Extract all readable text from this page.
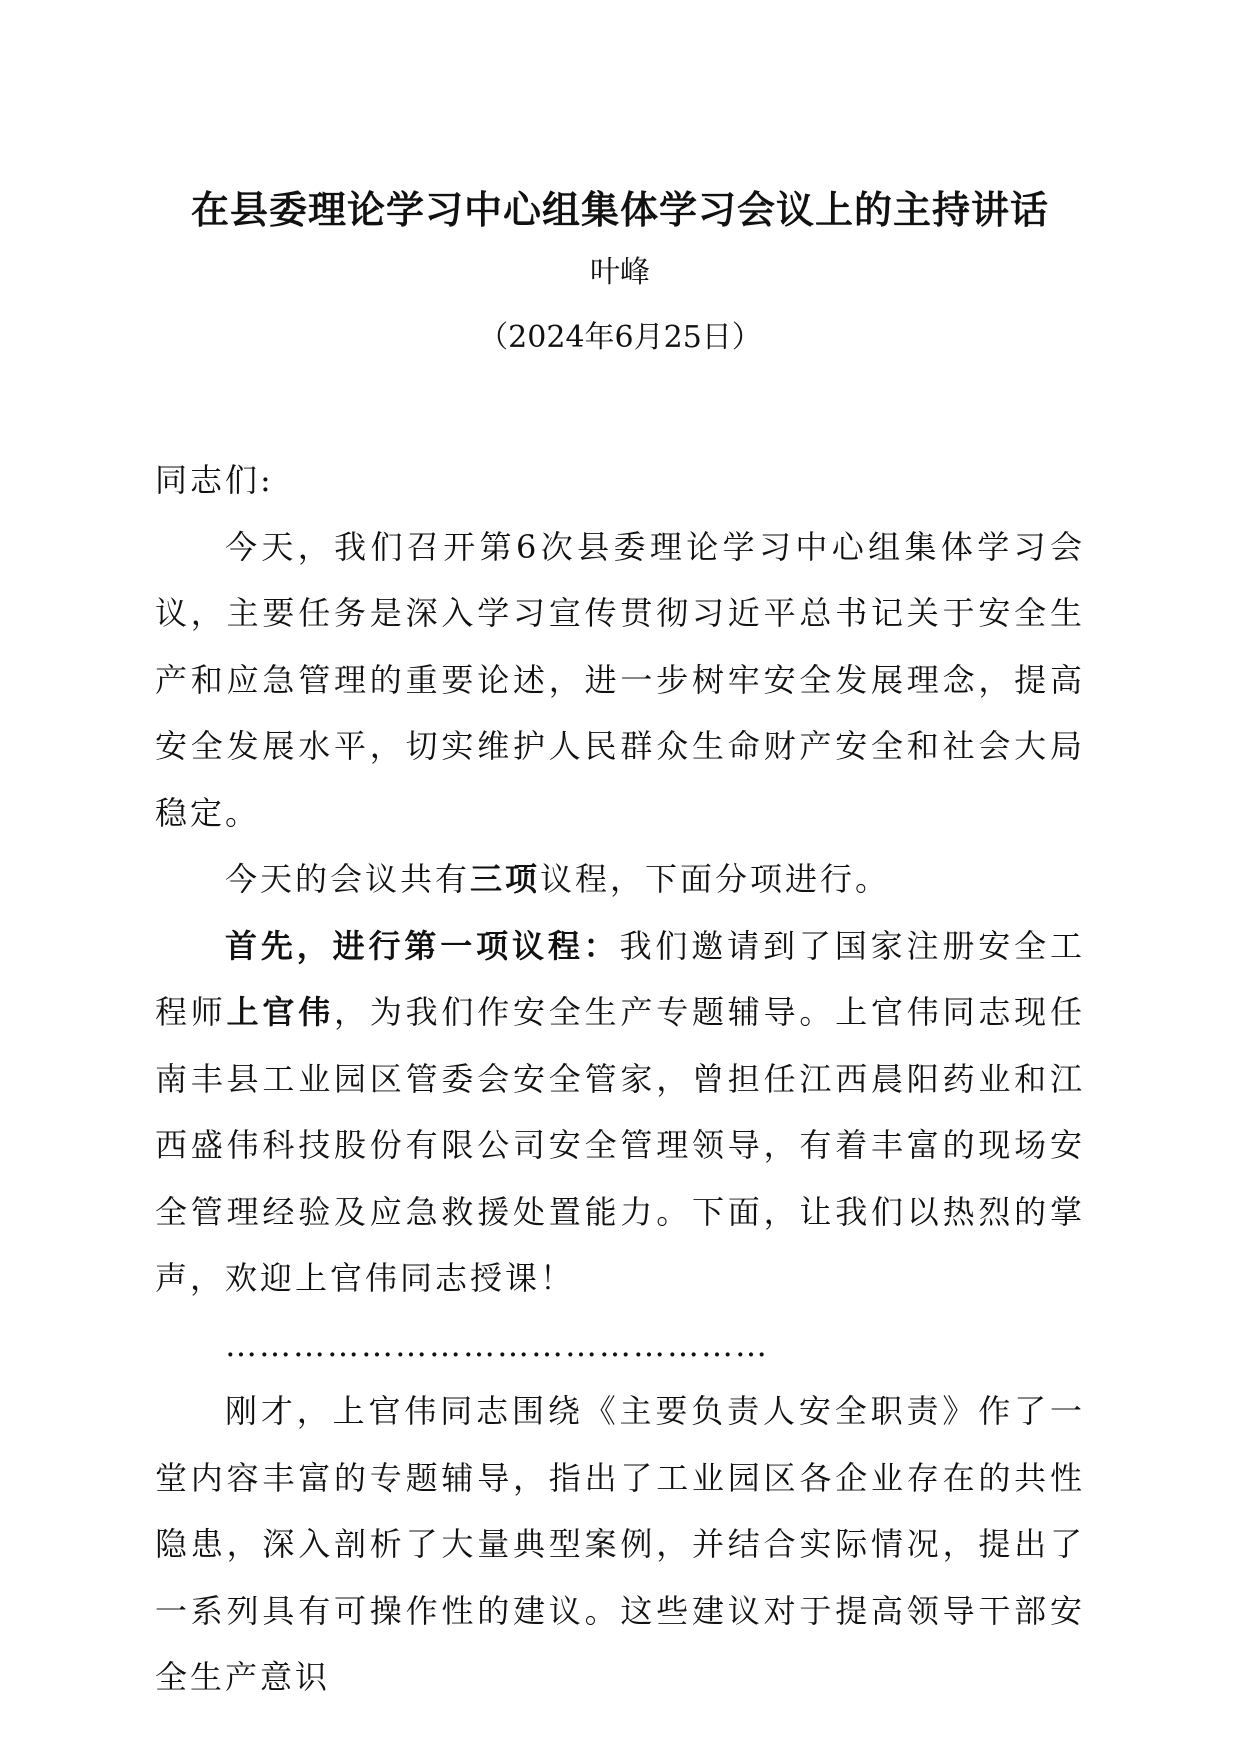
在县委理论学习中心组集体学习会议上的主持讲话
叶峰
（2024年6月25日）

同志们:

今天，我们召开第6次县委理论学习中心组集体学习会议，主要任务是深入学习宣传贯彻习近平总书记关于安全生产和应急管理的重要论述，进一步树牢安全发展理念，提高安全发展水平，切实维护人民群众生命财产安全和社会大局稳定。

今天的会议共有三项议程，下面分项进行。

首先，进行第一项议程：我们邀请到了国家注册安全工程师上官伟，为我们作安全生产专题辅导。上官伟同志现任南丰县工业园区管委会安全管家，曾担任江西晨阳药业和江西盛伟科技股份有限公司安全管理领导，有着丰富的现场安全管理经验及应急救援处置能力。下面，让我们以热烈的掌声，欢迎上官伟同志授课！

…………………………………………

刚才，上官伟同志围绕《主要负责人安全职责》作了一堂内容丰富的专题辅导，指出了工业园区各企业存在的共性隐患，深入剖析了大量典型案例，并结合实际情况，提出了一系列具有可操作性的建议。这些建议对于提高领导干部安全生产意识
